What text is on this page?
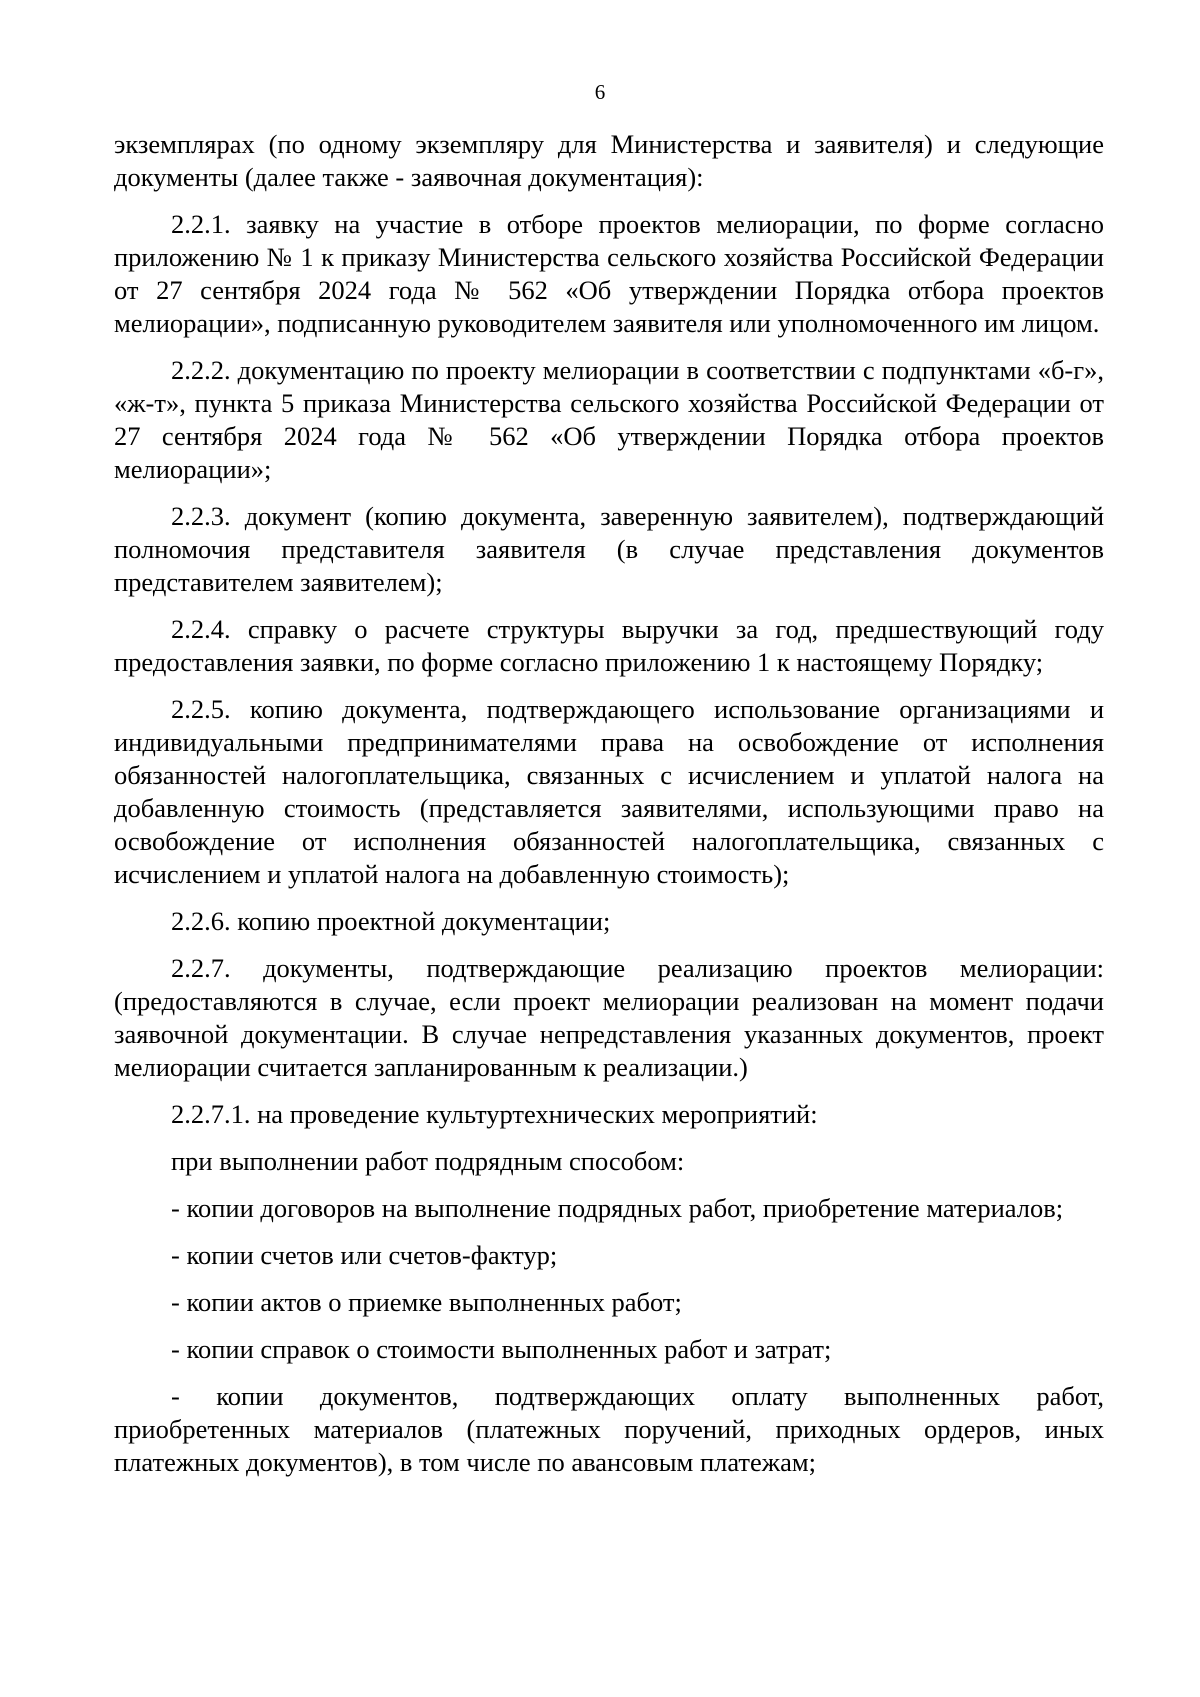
6

экземплярах (по одному экземпляру для Министерства и заявителя) и следующие документы (далее также - заявочная документация):

2.2.1. заявку на участие в отборе проектов мелиорации, по форме согласно приложению № 1 к приказу Министерства сельского хозяйства Российской Федерации от 27 сентября 2024 года № 562 «Об утверждении Порядка отбора проектов мелиорации», подписанную руководителем заявителя или уполномоченного им лицом.

2.2.2. документацию по проекту мелиорации в соответствии с подпунктами «б-г», «ж-т», пункта 5 приказа Министерства сельского хозяйства Российской Федерации от 27 сентября 2024 года № 562 «Об утверждении Порядка отбора проектов мелиорации»;

2.2.3. документ (копию документа, заверенную заявителем), подтверждающий полномочия представителя заявителя (в случае представления документов представителем заявителем);

2.2.4. справку о расчете структуры выручки за год, предшествующий году предоставления заявки, по форме согласно приложению 1 к настоящему Порядку;

2.2.5. копию документа, подтверждающего использование организациями и индивидуальными предпринимателями права на освобождение от исполнения обязанностей налогоплательщика, связанных с исчислением и уплатой налога на добавленную стоимость (представляется заявителями, использующими право на освобождение от исполнения обязанностей налогоплательщика, связанных с исчислением и уплатой налога на добавленную стоимость);

2.2.6. копию проектной документации;

2.2.7. документы, подтверждающие реализацию проектов мелиорации: (предоставляются в случае, если проект мелиорации реализован на момент подачи заявочной документации. В случае непредставления указанных документов, проект мелиорации считается запланированным к реализации.)

2.2.7.1. на проведение культуртехнических мероприятий:

при выполнении работ подрядным способом:

- копии договоров на выполнение подрядных работ, приобретение материалов;

- копии счетов или счетов-фактур;

- копии актов о приемке выполненных работ;

- копии справок о стоимости выполненных работ и затрат;

- копии документов, подтверждающих оплату выполненных работ, приобретенных материалов (платежных поручений, приходных ордеров, иных платежных документов), в том числе по авансовым платежам;
